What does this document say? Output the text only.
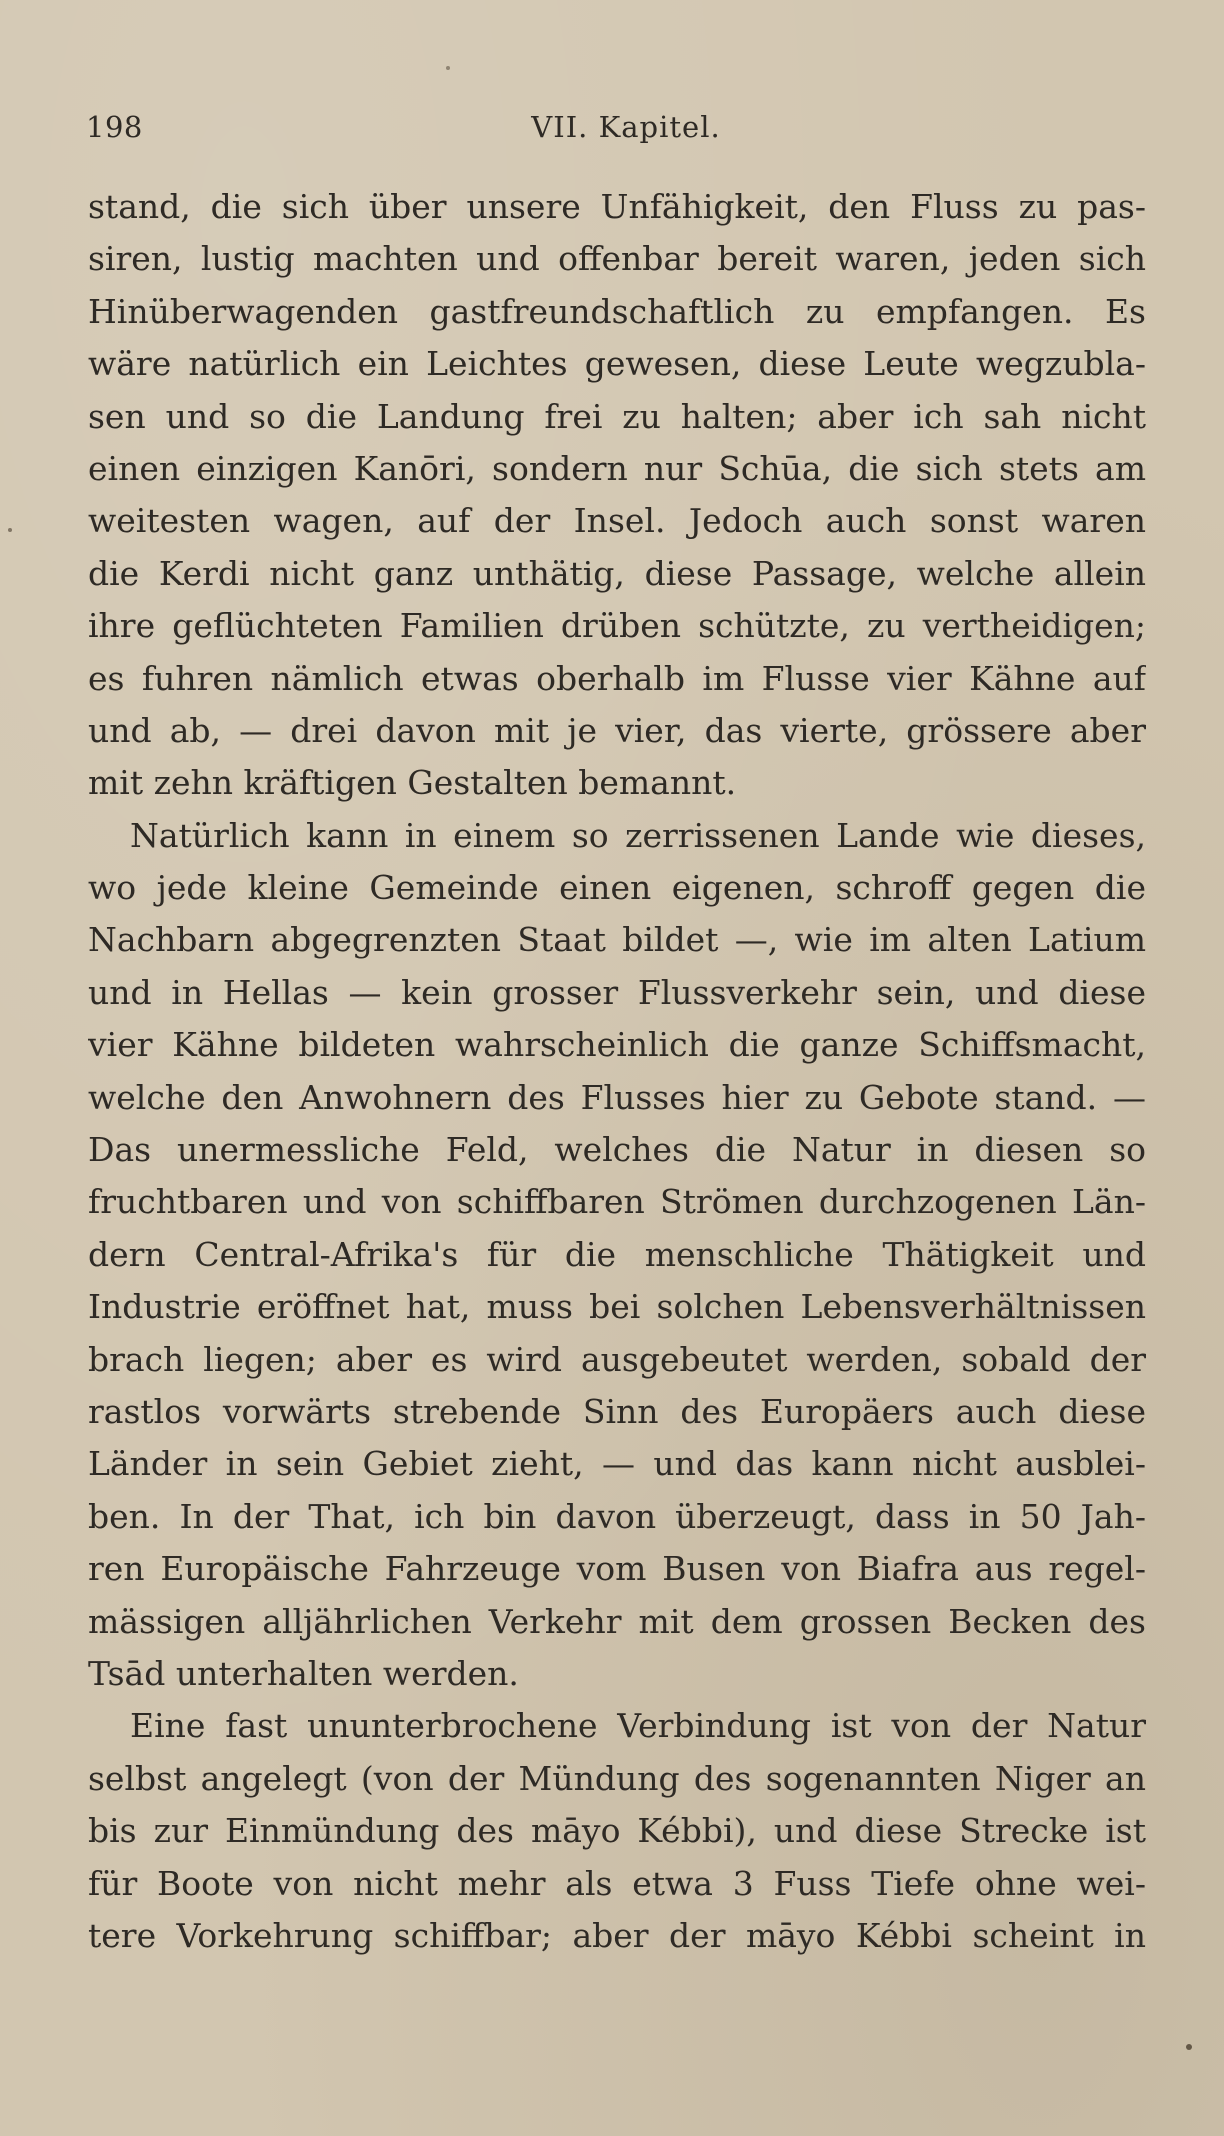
198	VII. Kapitel.
stand, die sich über unsere Unfähigkeit, den Fluss zu pas-
siren, lustig machten und offenbar bereit waren, jeden sich
Hinüberwagenden gastfreundschaftlich zu empfangen. Es
wäre natürlich ein Leichtes gewesen, diese Leute wegzubla-
sen und so die Landung frei zu halten; aber ich sah nicht
einen einzigen Kanōri, sondern nur Schūa, die sich stets am
weitesten wagen, auf der Insel. Jedoch auch sonst waren
die Kerdi nicht ganz unthätig, diese Passage, welche allein
ihre geflüchteten Familien drüben schützte, zu vertheidigen;
es fuhren nämlich etwas oberhalb im Flusse vier Kähne auf
und ab, — drei davon mit je vier, das vierte, grössere aber
mit zehn kräftigen Gestalten bemannt.
Natürlich kann in einem so zerrissenen Lande wie dieses,
wo jede kleine Gemeinde einen eigenen, schroff gegen die
Nachbarn abgegrenzten Staat bildet —, wie im alten Latium
und in Hellas — kein grosser Flussverkehr sein, und diese
vier Kähne bildeten wahrscheinlich die ganze Schiffsmacht,
welche den Anwohnern des Flusses hier zu Gebote stand. —
Das unermessliche Feld, welches die Natur in diesen so
fruchtbaren und von schiffbaren Strömen durchzogenen Län-
dern Central-Afrika's für die menschliche Thätigkeit und
Industrie eröffnet hat, muss bei solchen Lebensverhältnissen
brach liegen; aber es wird ausgebeutet werden, sobald der
rastlos vorwärts strebende Sinn des Europäers auch diese
Länder in sein Gebiet zieht, — und das kann nicht ausblei-
ben. In der That, ich bin davon überzeugt, dass in 50 Jah-
ren Europäische Fahrzeuge vom Busen von Biafra aus regel-
mässigen alljährlichen Verkehr mit dem grossen Becken des
Tsād unterhalten werden.
Eine fast ununterbrochene Verbindung ist von der Natur
selbst angelegt (von der Mündung des sogenannten Niger an
bis zur Einmündung des māyo Kébbi), und diese Strecke ist
für Boote von nicht mehr als etwa 3 Fuss Tiefe ohne wei-
tere Vorkehrung schiffbar; aber der māyo Kébbi scheint in
